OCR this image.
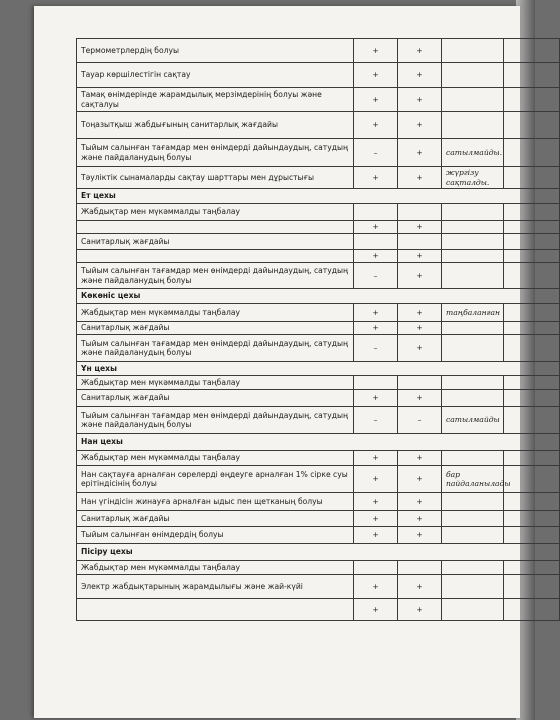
Термометрлердің болуы	+	+		
Тауар көршілестігін сақтау	+	+		
Тамақ өнімдерінде жарамдылық мерзімдерінің болуы және сақталуы	+	+		
Тоңазытқыш жабдығының санитарлық жағдайы	+	+		
Тыйым салынған тағамдар мен өнімдерді дайындаудың, сатудың және пайдаланудың болуы	–	+	сатылмайды.	
Тәуліктік сынамаларды сақтау шарттары мен дұрыстығы	+	+	жүргізу сақталды.	
Ет цехы				
Жабдықтар мен мүкәммалды таңбалау				
	+	+		
Санитарлық жағдайы				
	+	+		
Тыйым салынған тағамдар мен өнімдерді дайындаудың, сатудың және пайдаланудың болуы	–	+		
Көкөніс цехы				
Жабдықтар мен мүкәммалды таңбалау	+	+	таңбаланған	
Санитарлық жағдайы	+	+		
Тыйым салынған тағамдар мен өнімдерді дайындаудың, сатудың және пайдаланудың болуы	–	+		
Ұн цехы				
Жабдықтар мен мүкәммалды таңбалау				
Санитарлық жағдайы	+	+		
Тыйым салынған тағамдар мен өнімдерді дайындаудың, сатудың және пайдаланудың болуы	–	–	сатылмайды	
Нан цехы				
Жабдықтар мен мүкәммалды таңбалау	+	+		
Нан сақтауға арналған сөрелерді өңдеуге арналған 1% сірке суы ерітіндісінің болуы	+	+	бар пайдаланылады	
Нан үгіндісін жинауға арналған ыдыс пен щетканың болуы	+	+		
Санитарлық жағдайы	+	+		
Тыйым салынған өнімдердің болуы	+	+		
Пісіру цехы				
Жабдықтар мен мүкәммалды таңбалау				
Электр жабдықтарының жарамдылығы және жай-күйі	+	+		
	+	+		
